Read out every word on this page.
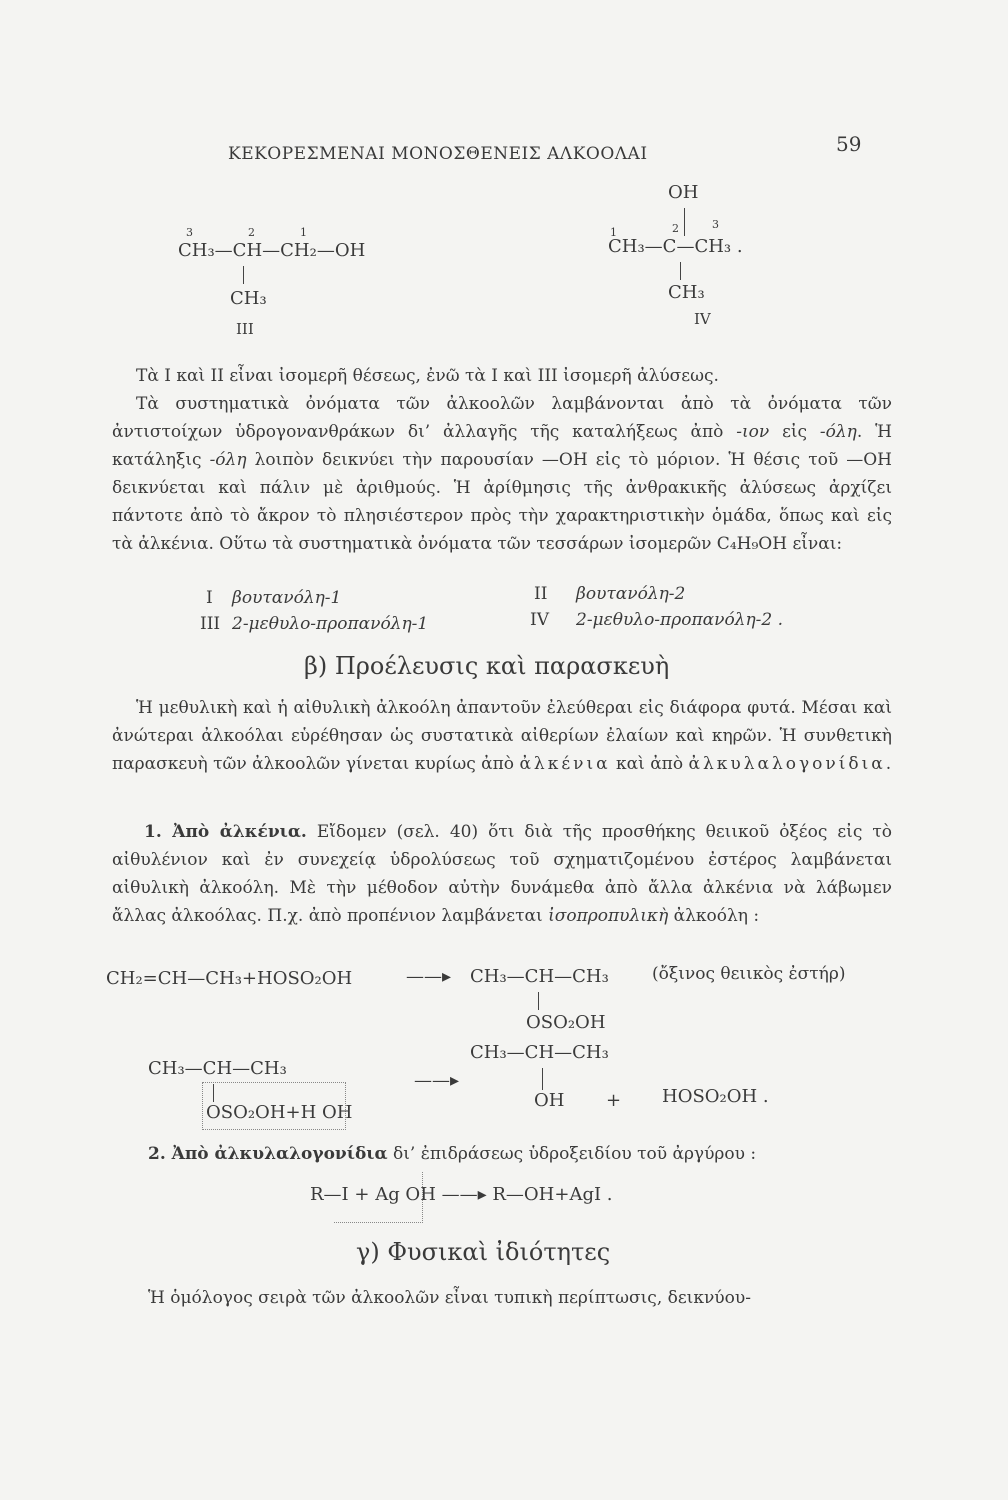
ΚΕΚΟΡΕΣΜΕΝΑΙ ΜΟΝΟΣΘΕΝΕΙΣ ΑΛΚΟΟΛΑΙ	59
3	2	1
CH₃—CH—CH₂—OH
CH₃
III
OH
1	2	3
CH₃—C—CH₃ .
CH₃
IV
Τὰ I καὶ II εἶναι ἰσομερῆ θέσεως, ἐνῶ τὰ I καὶ III ἰσομερῆ ἀλύσεως.
Τὰ συστηματικὰ ὀνόματα τῶν ἀλκοολῶν λαμβάνονται ἀπὸ τὰ ὀνόματα τῶν ἀντιστοίχων ὑδρογονανθράκων δι’ ἀλλαγῆς τῆς καταλήξεως ἀπὸ -ιον εἰς -όλη. Ἡ κατάληξις -όλη λοιπὸν δεικνύει τὴν παρουσίαν —OH εἰς τὸ μόριον. Ἡ θέσις τοῦ —OH δεικνύεται καὶ πάλιν μὲ ἀριθμούς. Ἡ ἀρίθμησις τῆς ἀνθρακικῆς ἀλύσεως ἀρχίζει πάντοτε ἀπὸ τὸ ἄκρον τὸ πλησιέστερον πρὸς τὴν χαρακτηριστικὴν ὁμάδα, ὅπως καὶ εἰς τὰ ἀλκένια. Οὕτω τὰ συστηματικὰ ὀνόματα τῶν τεσσάρων ἰσομερῶν C₄H₉OH εἶναι:
I βουτανόλη-1	II βουτανόλη-2
III 2-μεθυλο-προπανόλη-1	IV 2-μεθυλο-προπανόλη-2 .
β) Προέλευσις καὶ παρασκευὴ
Ἡ μεθυλικὴ καὶ ἡ αἰθυλικὴ ἀλκοόλη ἀπαντοῦν ἐλεύθεραι εἰς διάφορα φυτά. Μέσαι καὶ ἀνώτεραι ἀλκοόλαι εὑρέθησαν ὡς συστατικὰ αἰθερίων ἐλαίων καὶ κηρῶν. Ἡ συνθετικὴ παρασκευὴ τῶν ἀλκοολῶν γίνεται κυρίως ἀπὸ ἀλκένια καὶ ἀπὸ ἀλκυλαλογονίδια.
1. Ἀπὸ ἀλκένια. Εἴδομεν (σελ. 40) ὅτι διὰ τῆς προσθήκης θειικοῦ ὀξέος εἰς τὸ αἰθυλένιον καὶ ἐν συνεχείᾳ ὑδρολύσεως τοῦ σχηματιζομένου ἐστέρος λαμβάνεται αἰθυλικὴ ἀλκοόλη. Μὲ τὴν μέθοδον αὐτὴν δυνάμεθα ἀπὸ ἄλλα ἀλκένια νὰ λάβωμεν ἄλλας ἀλκοόλας. Π.χ. ἀπὸ προπένιον λαμβάνεται ἰσοπροπυλικὴ ἀλκοόλη :
CH₂=CH—CH₃+HOSO₂OH	——▸ CH₃—CH—CH₃
OSO₂OH
(ὄξινος θειικὸς ἐστήρ)
CH₃—CH—CH₃
OSO₂OH+H OH
——▸
CH₃—CH—CH₃
OH + HOSO₂OH .
2. Ἀπὸ ἀλκυλαλογονίδια δι’ ἐπιδράσεως ὑδροξειδίου τοῦ ἀργύρου :
R—I + Ag OH ——▸ R—OH+AgI .
γ) Φυσικαὶ ἰδιότητες
Ἡ ὁμόλογος σειρὰ τῶν ἀλκοολῶν εἶναι τυπικὴ περίπτωσις, δεικνύου-
